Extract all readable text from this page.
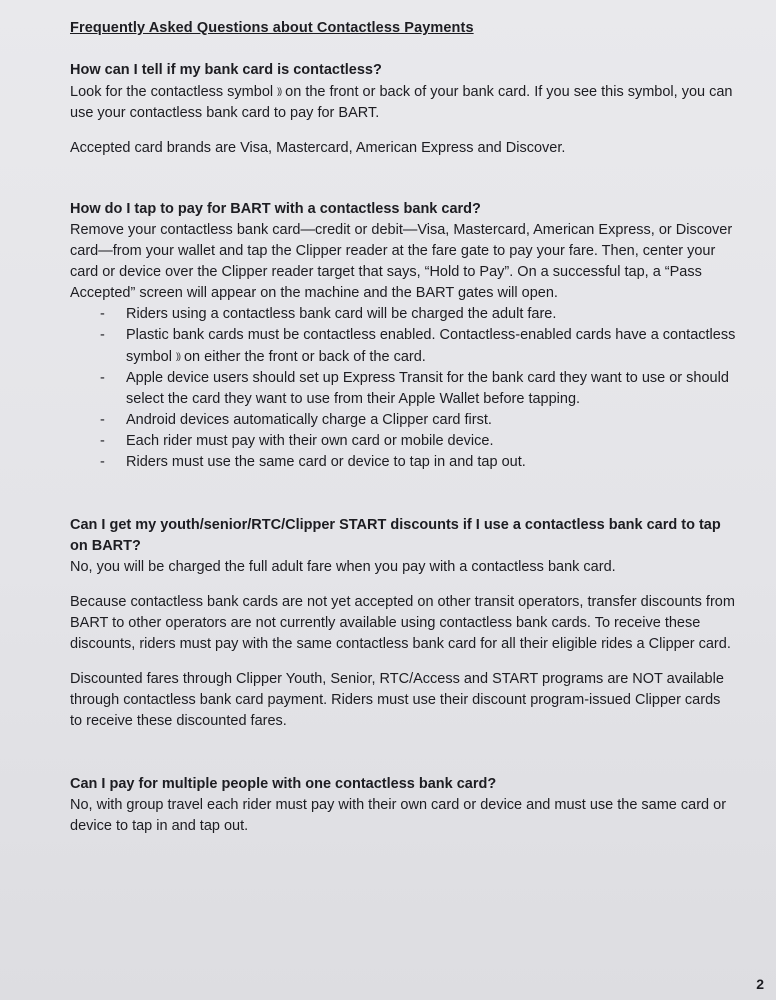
Frequently Asked Questions about Contactless Payments

How can I tell if my bank card is contactless?

Look for the contactless symbol )) on the front or back of your bank card. If you see this symbol, you can use your contactless bank card to pay for BART.

Accepted card brands are Visa, Mastercard, American Express and Discover.

How do I tap to pay for BART with a contactless bank card?

Remove your contactless bank card—credit or debit—Visa, Mastercard, American Express, or Discover card—from your wallet and tap the Clipper reader at the fare gate to pay your fare. Then, center your card or device over the Clipper reader target that says, “Hold to Pay”. On a successful tap, a “Pass Accepted” screen will appear on the machine and the BART gates will open.

- Riders using a contactless bank card will be charged the adult fare.
- Plastic bank cards must be contactless enabled. Contactless-enabled cards have a contactless symbol )) on either the front or back of the card.
- Apple device users should set up Express Transit for the bank card they want to use or should select the card they want to use from their Apple Wallet before tapping.
- Android devices automatically charge a Clipper card first.
- Each rider must pay with their own card or mobile device.
- Riders must use the same card or device to tap in and tap out.

Can I get my youth/senior/RTC/Clipper START discounts if I use a contactless bank card to tap on BART?

No, you will be charged the full adult fare when you pay with a contactless bank card.

Because contactless bank cards are not yet accepted on other transit operators, transfer discounts from BART to other operators are not currently available using contactless bank cards. To receive these discounts, riders must pay with the same contactless bank card for all their eligible rides a Clipper card.

Discounted fares through Clipper Youth, Senior, RTC/Access and START programs are NOT available through contactless bank card payment. Riders must use their discount program-issued Clipper cards to receive these discounted fares.

Can I pay for multiple people with one contactless bank card?

No, with group travel each rider must pay with their own card or device and must use the same card or device to tap in and tap out.

2
